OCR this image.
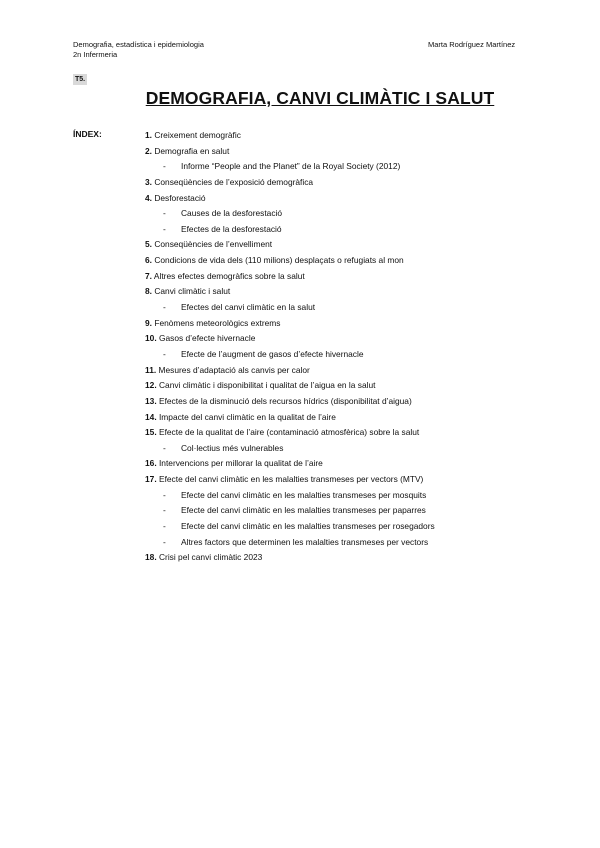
Demografia, estadística i epidemiologia
2n Infermeria
Marta Rodríguez Martínez
T5.
DEMOGRAFIA, CANVI CLIMÀTIC I SALUT
ÍNDEX:	1. Creixement demogràfic
2. Demografia en salut
- Informe “People and the Planet” de la Royal Society (2012)
3. Conseqüències de l’exposició demogràfica
4. Desforestació
- Causes de la desforestació
- Efectes de la desforestació
5. Conseqüències de l’envelliment
6. Condicions de vida dels (110 milions) desplaçats o refugiats al mon
7. Altres efectes demogràfics sobre la salut
8. Canvi climàtic i salut
- Efectes del canvi climàtic en la salut
9. Fenòmens meteorològics extrems
10. Gasos d’efecte hivernacle
- Efecte de l’augment de gasos d’efecte hivernacle
11. Mesures d’adaptació als canvis per calor
12. Canvi climàtic i disponibilitat i qualitat de l’aigua en la salut
13. Efectes de la disminució dels recursos hídrics (disponibilitat d’aigua)
14. Impacte del canvi climàtic en la qualitat de l’aire
15. Efecte de la qualitat de l’aire (contaminació atmosfèrica) sobre la salut
- Col·lectius més vulnerables
16. Intervencions per millorar la qualitat de l’aire
17. Efecte del canvi climàtic en les malalties transmeses per vectors (MTV)
- Efecte del canvi climàtic en les malalties transmeses per mosquits
- Efecte del canvi climàtic en les malalties transmeses per paparres
- Efecte del canvi climàtic en les malalties transmeses per rosegadors
- Altres factors que determinen les malalties transmeses per vectors
18. Crisi pel canvi climàtic 2023
